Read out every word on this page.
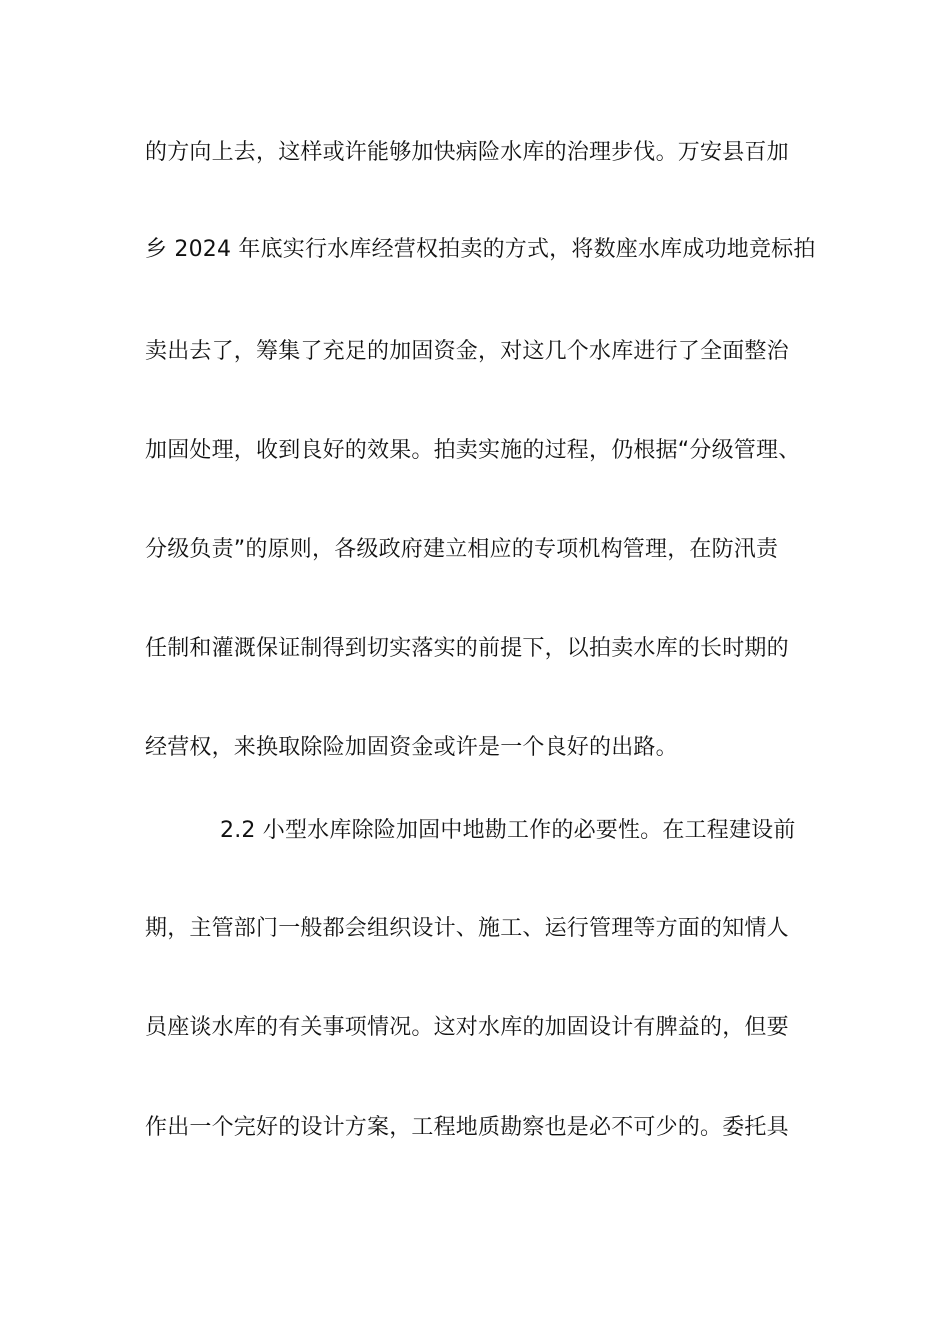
的方向上去，这样或许能够加快病险水库的治理步伐。万安县百加
乡 2024 年底实行水库经营权拍卖的方式，将数座水库成功地竞标拍
卖出去了，筹集了充足的加固资金，对这几个水库进行了全面整治
加固处理，收到良好的效果。拍卖实施的过程，仍根据“分级管理、
分级负责”的原则，各级政府建立相应的专项机构管理，在防汛责
任制和灌溉保证制得到切实落实的前提下，以拍卖水库的长时期的
经营权，来换取除险加固资金或许是一个良好的出路。
2.2 小型水库除险加固中地勘工作的必要性。在工程建设前
期，主管部门一般都会组织设计、施工、运行管理等方面的知情人
员座谈水库的有关事项情况。这对水库的加固设计有脾益的，但要
作出一个完好的设计方案，工程地质勘察也是必不可少的。委托具
